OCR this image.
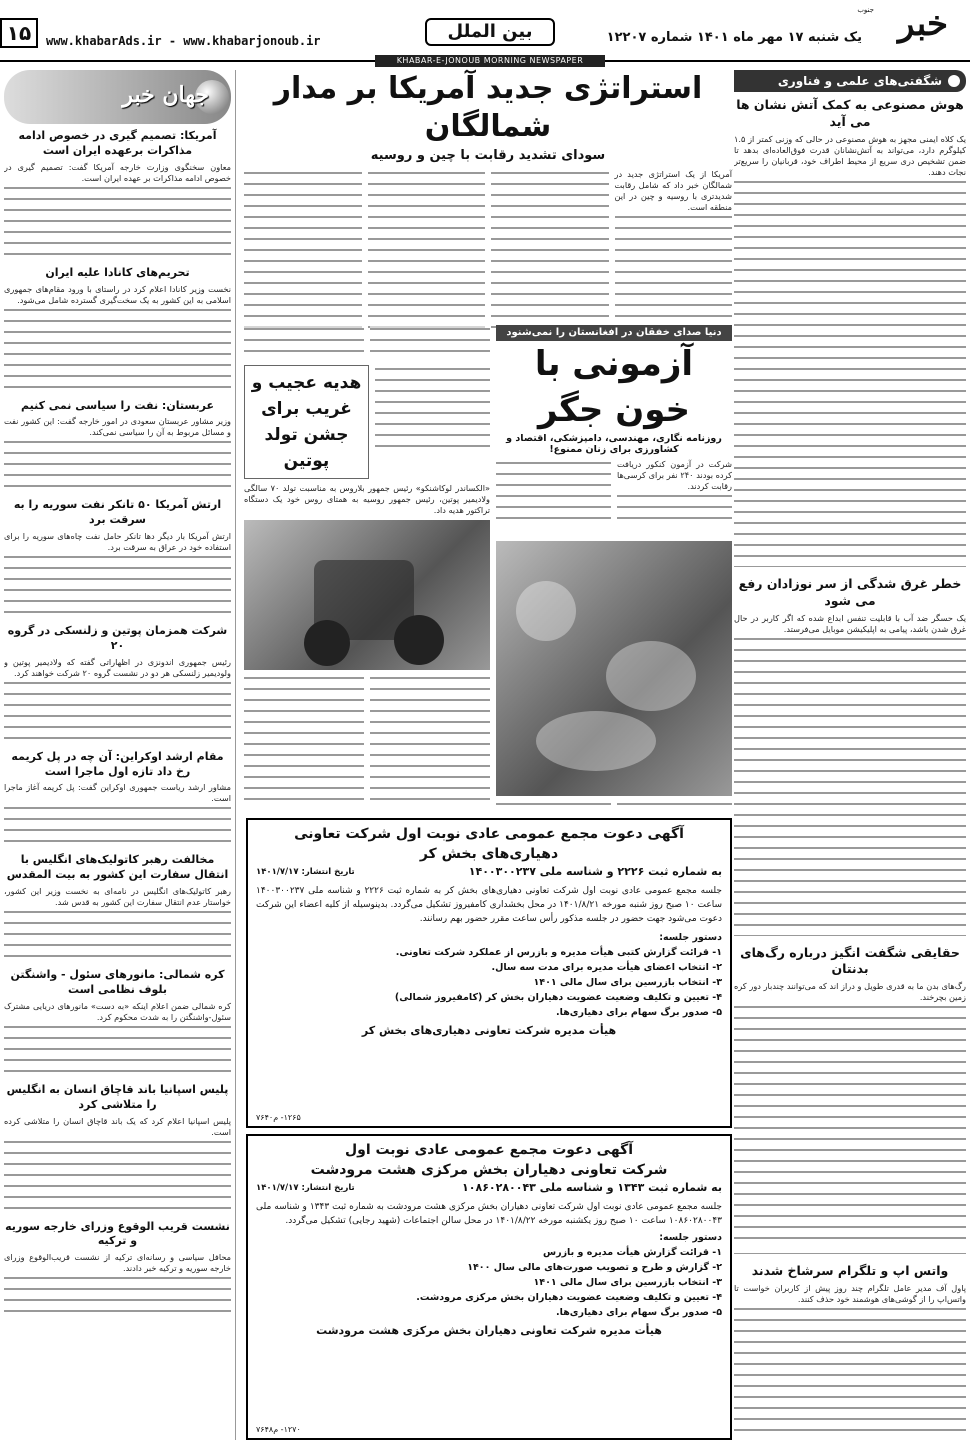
خبر
جنوب
یک شنبه ۱۷ مهر ماه ۱۴۰۱ شماره ۱۲۲۰۷
بین الملل
www.khabarAds.ir - www.khabarjonoub.ir
۱۵
KHABAR-E-JONOUB MORNING NEWSPAPER
شگفتی‌های علمی و فناوری
هوش مصنوعی به کمک آتش نشان ها می آید
یک کلاه ایمنی مجهز به هوش مصنوعی در حالی که وزنی کمتر از ۱.۵ کیلوگرم دارد، می‌تواند به آتش‌نشانان قدرت فوق‌العاده‌ای بدهد تا ضمن تشخیص دری سریع از محیط اطراف خود، قربانیان را سریع‌تر نجات دهند.
خطر غرق شدگی از سر نوزادان رفع می شود
یک حسگر ضد آب با قابلیت تنفس ابداع شده که اگر کاربر در حال غرق شدن باشد، پیامی به اپلیکیشن موبایل می‌فرستد.
حقایقی شگفت انگیز درباره رگ‌های بدنتان
رگ‌های بدن ما به قدری طویل و دراز اند که می‌توانند چندبار دور کره زمین بچرخند.
واتس اپ و تلگرام سرشاخ شدند
پاول آف مدیر عامل تلگرام چند روز پیش از کاربران خواست تا واتس‌اپ را از گوشی‌های هوشمند خود حذف کنند.
جهان خبر
آمریکا: تصمیم گیری در خصوص ادامه مذاکرات برعهده ایران است
معاون سخنگوی وزارت خارجه آمریکا گفت: تصمیم گیری در خصوص ادامه مذاکرات بر عهده ایران است.
تحریم‌های کانادا علیه ایران
نخست وزیر کانادا اعلام کرد در راستای با ورود مقام‌های جمهوری اسلامی به این کشور به یک سخت‌گیری گسترده شامل می‌شود.
عربستان: نفت را سیاسی نمی کنیم
وزیر مشاور عربستان سعودی در امور خارجه گفت: این کشور نفت و مسائل مربوط به آن را سیاسی نمی‌کند.
ارتش آمریکا ۵۰ تانکر نفت سوریه را به سرقت برد
ارتش آمریکا بار دیگر دها تانکر حامل نفت چاه‌های سوریه را برای استفاده خود در عراق به سرقت برد.
شرکت همزمان پوتین و زلنسکی در گروه ۲۰
رئیس جمهوری اندونزی در اظهاراتی گفته که ولادیمیر پوتین و ولودیمیر زلنسکی هر دو در نشست گروه ۲۰ شرکت خواهند کرد.
مقام ارشد اوکراین: آن چه در پل کریمه رخ داد تازه اول ماجرا است
مشاور ارشد ریاست جمهوری اوکراین گفت: پل کریمه آغاز ماجرا است.
مخالفت رهبر کاتولیک‌های انگلیس با انتقال سفارت این کشور به بیت المقدس
رهبر کاتولیک‌های انگلیس در نامه‌ای به نخست وزیر این کشور، خواستار عدم انتقال سفارت این کشور به قدس شد.
کره شمالی: مانورهای سئول - واشنگتن بلوف نظامی است
کره شمالی ضمن اعلام اینکه «به دست» مانورهای دریایی مشترک سئول-واشنگتن را به شدت محکوم کرد.
پلیس اسپانیا باند قاچاق انسان به انگلیس را متلاشی کرد
پلیس اسپانیا اعلام کرد که یک باند قاچاق انسان را متلاشی کرده است.
نشست قریب الوقوع وزرای خارجه سوریه و ترکیه
محافل سیاسی و رسانه‌ای ترکیه از نشست قریب‌الوقوع وزرای خارجه سوریه و ترکیه خبر دادند.
استراتژی جدید آمریکا بر مدار شمالگان
سودای تشدید رقابت با چین و روسیه
آمریکا از یک استراتژی جدید در شمالگان خبر داد که شامل رقابت شدیدتری با روسیه و چین در این منطقه است.
دنیا صدای خفقان در افغانستان را نمی‌شنود
آزمونی با خون جگر
روزنامه نگاری، مهندسی، دامپزشکی، اقتصاد و کشاورزی برای زنان ممنوع!
شرکت در آزمون کنکور دریافت کرده بودند ۲۴۰ نفر برای کرسی‌ها رقابت کردند.
هدیه عجیب و غریب برای جشن تولد پوتین
«الکساندر لوکاشنکو» رئیس جمهور بلاروس به مناسبت تولد ۷۰ سالگی ولادیمیر پوتین، رئیس جمهور روسیه به همتای روس خود یک دستگاه تراکتور هدیه داد.
آگهی دعوت مجمع عمومی عادی نوبت اول شرکت تعاونی دهیاری‌های بخش کر
به شماره ثبت ۲۲۲۶ و شناسه ملی ۱۴۰۰۳۰۰۲۳۷
تاریخ انتشار: ۱۴۰۱/۷/۱۷
جلسه مجمع عمومی عادی نوبت اول شرکت تعاونی دهیاری‌های بخش کر به شماره ثبت ۲۲۲۶ و شناسه ملی ۱۴۰۰۳۰۰۲۳۷ ساعت ۱۰ صبح روز شنبه مورخه ۱۴۰۱/۸/۲۱ در محل بخشداری کامفیروز تشکیل می‌گردد. بدینوسیله از کلیه اعضاء این شرکت دعوت می‌شود جهت حضور در جلسه مذکور رأس ساعت مقرر حضور بهم رسانند.
دستور جلسه:
۱- قرائت گزارش کتبی هیأت مدیره و بازرس از عملکرد شرکت تعاونی.
۲- انتخاب اعضای هیأت مدیره برای مدت سه سال.
۳- انتخاب بازرسین برای سال مالی ۱۴۰۱
۴- تعیین و تکلیف وضعیت عضویت دهیاران بخش کر (کامفیروز شمالی)
۵- صدور برگ سهام برای دهیاری‌ها.
هیأت مدیره شرکت تعاونی دهیاری‌های بخش کر
۱۲۶۵- م۷۶۴۰
آگهی دعوت مجمع عمومی عادی نوبت اول
شرکت تعاونی دهیاران بخش مرکزی هشت مرودشت
به شماره ثبت ۱۳۴۳ و شناسه ملی ۱۰۸۶۰۲۸۰۰۴۳
تاریخ انتشار: ۱۴۰۱/۷/۱۷
جلسه مجمع عمومی عادی نوبت اول شرکت تعاونی دهیاران بخش مرکزی هشت مرودشت به شماره ثبت ۱۳۴۳ و شناسه ملی ۱۰۸۶۰۲۸۰۰۴۳ ساعت ۱۰ صبح روز یکشنبه مورخه ۱۴۰۱/۸/۲۲ در محل سالن اجتماعات (شهید رجایی) تشکیل می‌گردد.
دستور جلسه:
۱- قرائت گزارش هیأت مدیره و بازرس
۲- گزارش و طرح و تصویب صورت‌های مالی سال ۱۴۰۰
۳- انتخاب بازرسین برای سال مالی ۱۴۰۱
۴- تعیین و تکلیف وضعیت عضویت دهیاران بخش مرکزی مرودشت.
۵- صدور برگ سهام برای دهیاری‌ها.
هیأت مدیره شرکت تعاونی دهیاران بخش مرکزی هشت مرودشت
۱۲۷۰- م۷۶۴۸
